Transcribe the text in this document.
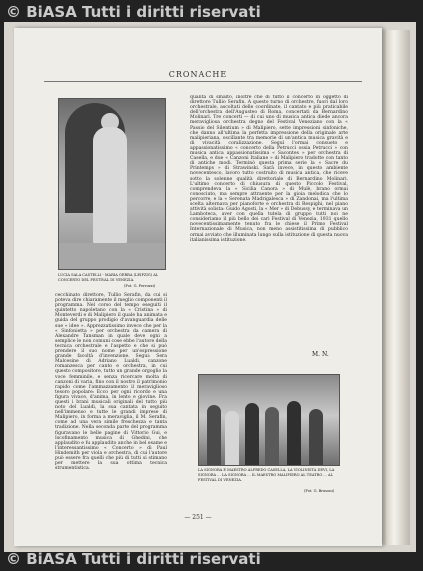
© BiASA Tutti i diritti riservati
CRONACHE
LUCIA SALA CASTELLI - MARIA GERRA (LEIPZIG) AL CONCERTO DEL FESTIVAL DI VENEZIA.
(Fot. G. Ferruzzi)
qualità di smalto, inoltre che di tutto il concerto in oggetto di direttore Tullio Serafin. A questo turno di orchestre, fuori dal loro orchestrale, ascoltati delle coordinate, il cantato e più praticabile dell'orchestra dell'Augusteo di Roma, concertati da Bernardino Molinari. Tre concerti — di cui uno di musica antica diede ancora meravigliosa orchestra degno del Festival Veneziano con la « Passio del Silentium » di Malipiero, sette impressioni sinfoniche, che danno all'ultima la perfetta impressione della originale arte malipieriana, oscillante tra memorie di un'antica musica gravità e di vivacità coralizzazione. Seguì l'ormai consueto e appassionatissimo « concerto della Petrucci ossia Petrucci » con musica antica appassionatissima « Sacontes » per orchestra di Casella, e due « Canzoni Italiane » di Malipiero tradotte con tanto di antiche modi. Terminò questa prima serie la « Sacre du Printemps » di Strawinski. Sarà invece, in questo ambiente novecentesco, lavoro tutto costruito di musica antica, che riceve sotto la solenne qualità direttoriale di Bernardino Molinari. L'ultimo concerto di chiusura di questo Piccolo Festival, comprendeva la « Sicilia Canora » di Mulè, brano ormai conosciuto, ma sempre attraente per la gioia melodica che lo percorre, e la « Serenata Madrigalesca » di Zandonai, ma l'ultima scelta alternava per pianoforte e orchestra di Respighi, nel piano attività solista: Guido Agosti, la « Mer » di Debussy, e terminava un Lamboteca, aver con quella tutela di gruppo tutti noi ne consideriamo il più bello dei cari Festival di Venezia, 1931 quello novecentissimamente tenuto fra le chiese il Primo Festival Internazionale di Musica, non meno assistitissima di pubblico ormai avviato che illuminata lungo sulla istituzione di questa nuova italianissima istituzione.
M. N.
cecchinato direttore, Tullio Serafin, da cui si poteva dire chiaramente il meglio componenti il programma. Nel corso del tempo eseguiti il quintetto napoletano con la « Cristina » di Monteverdi e di Malipiero il quale ha animata e guida del gruppo prodigio d'avanguardia delle sue « idee ». Apprezzatissimo invece che per la « Sinfonietta » per orchestra da camera di Alexandre Tansman in quale deve ogni a semplice le non comuni cose ebbe l'autore della tecnica orchestrale e l'aspetto e che si può prendere il suo nome per un'espressione grande facoltà d'invenzione. Segui: Sera Malcesine di Adriano Lualdi, canzone romanzesca per canto e orchestra, in cui questo compositore, tutto un grande orgoglio la voce femminile, e senza ricercare molta di canzoni di varia, fino con il nostro il patrimonio rapido come l'ammazzamento il meraviglioso tesoro popolare: Ecco per ogni ricordo e una figura vivace, d'anima, in lento e giovine. Fra questi i brani musicali originali del tutto più noto del Lualdi, la sua cantata in seguito nell'immenso e tutte le grandi imprese di Malipiero, in forma a meraviglia, il M. Serafin, come ad una vera simile freschezza e tanta tradizione. Nella seconda parte del programma figuravano le belle pagine di Vittorio Gui, e Iscofinamento musica di Ghedini, che applaudito e fu applaudito anche in bel esame e l'interessantissimo « Concerto » di Paul Hindemith per viola e orchestra, di cui l'autore può essere fra quelli che più di tutti si stimano per mettere la sua ottima tecnica strumentistica.	LA SIGNORA E MAESTRO ALFREDO CASELLA, LA VIOLINISTA DEVI, LA SIGNORA ... LA SIGNORA ... IL MAESTRO MALIPIERO AL TEATRO ... AL FESTIVAL DI VENEZIA.
(Fot. G. Brusoni)
— 251 —
© BiASA Tutti i diritti riservati
